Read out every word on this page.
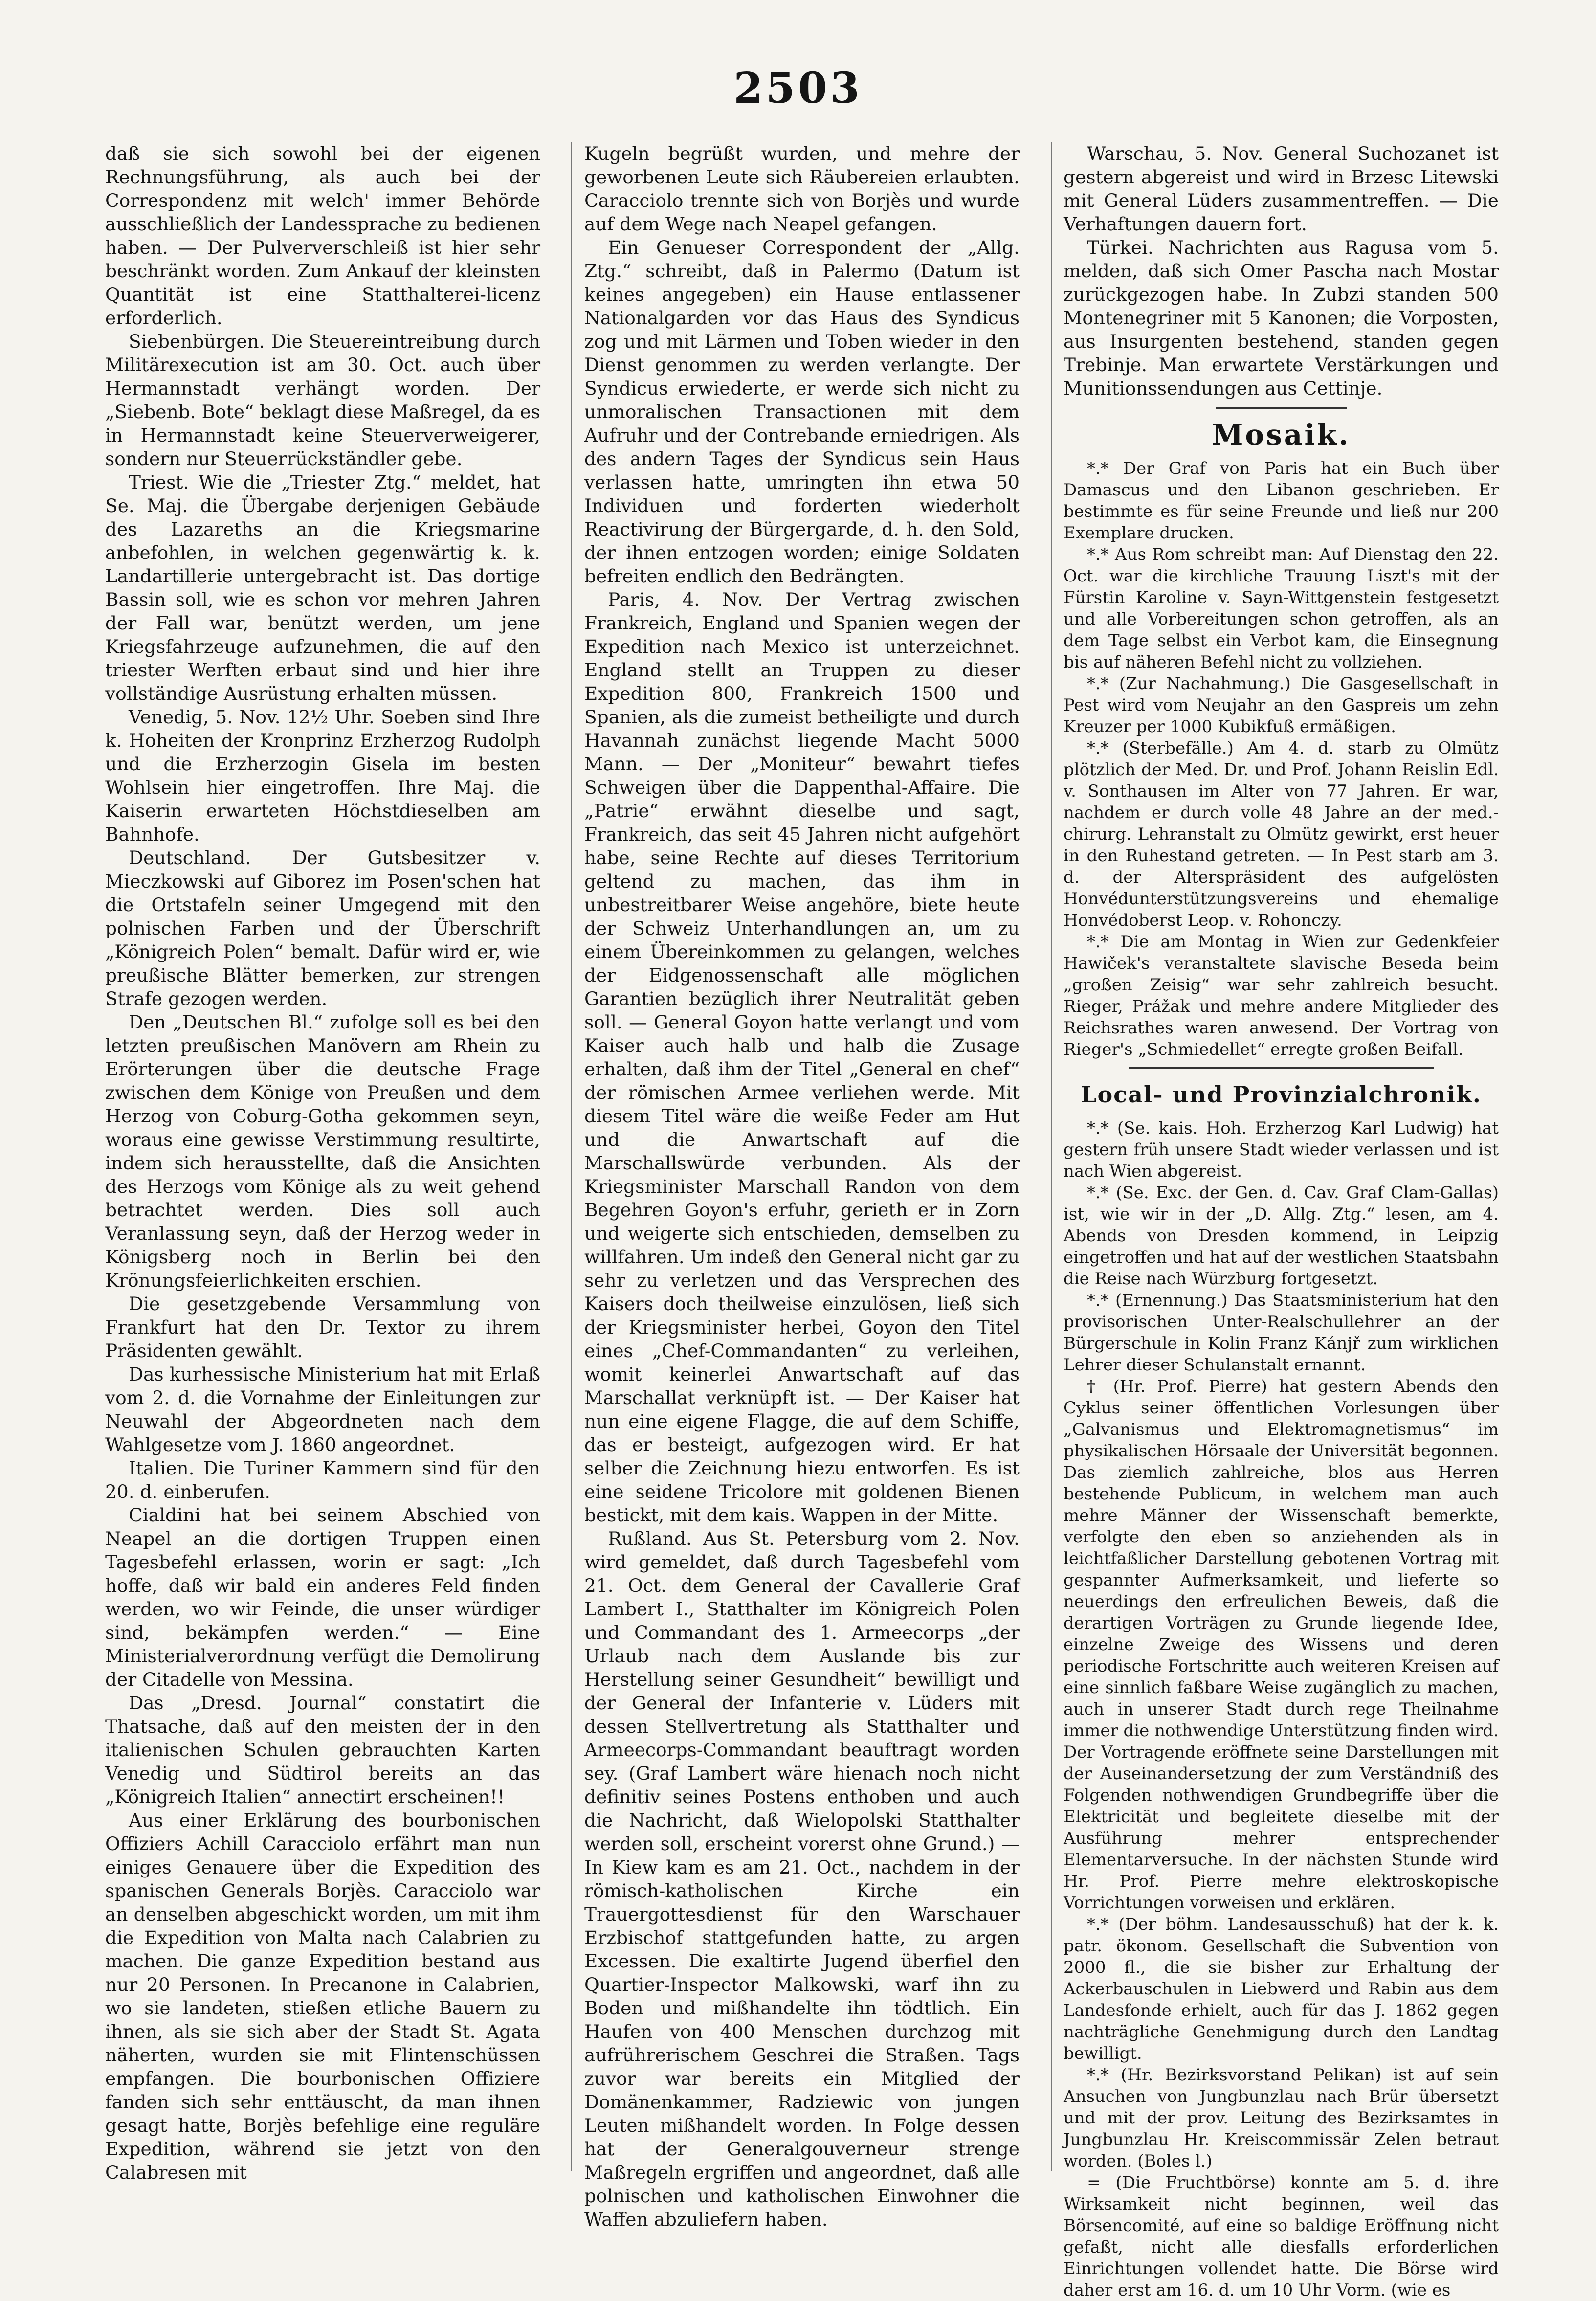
2503

daß sie sich sowohl bei der eigenen Rechnungsführung, als auch bei der Correspondenz mit welch' immer Behörde ausschließlich der Landessprache zu bedienen haben. — Der Pulververschleiß ist hier sehr beschränkt worden. Zum Ankauf der kleinsten Quantität ist eine Statthalterei-licenz erforderlich.

Siebenbürgen. Die Steuereintreibung durch Militärexecution ist am 30. Oct. auch über Hermannstadt verhängt worden. Der „Siebenb. Bote“ beklagt diese Maßregel, da es in Hermannstadt keine Steuerverweigerer, sondern nur Steuerrückständler gebe.

Triest. Wie die „Triester Ztg.“ meldet, hat Se. Maj. die Übergabe derjenigen Gebäude des Lazareths an die Kriegsmarine anbefohlen, in welchen gegenwärtig k. k. Landartillerie untergebracht ist. Das dortige Bassin soll, wie es schon vor mehren Jahren der Fall war, benützt werden, um jene Kriegsfahrzeuge aufzunehmen, die auf den triester Werften erbaut sind und hier ihre vollständige Ausrüstung erhalten müssen.

Venedig, 5. Nov. 12½ Uhr. Soeben sind Ihre k. Hoheiten der Kronprinz Erzherzog Rudolph und die Erzherzogin Gisela im besten Wohlsein hier eingetroffen. Ihre Maj. die Kaiserin erwarteten Höchstdieselben am Bahnhofe.

Deutschland. Der Gutsbesitzer v. Mieczkowski auf Giborez im Posen'schen hat die Ortstafeln seiner Umgegend mit den polnischen Farben und der Überschrift „Königreich Polen“ bemalt. Dafür wird er, wie preußische Blätter bemerken, zur strengen Strafe gezogen werden.

Den „Deutschen Bl.“ zufolge soll es bei den letzten preußischen Manövern am Rhein zu Erörterungen über die deutsche Frage zwischen dem Könige von Preußen und dem Herzog von Coburg-Gotha gekommen seyn, woraus eine gewisse Verstimmung resultirte, indem sich herausstellte, daß die Ansichten des Herzogs vom Könige als zu weit gehend betrachtet werden. Dies soll auch Veranlassung seyn, daß der Herzog weder in Königsberg noch in Berlin bei den Krönungsfeierlichkeiten erschien.

Die gesetzgebende Versammlung von Frankfurt hat den Dr. Textor zu ihrem Präsidenten gewählt.

Das kurhessische Ministerium hat mit Erlaß vom 2. d. die Vornahme der Einleitungen zur Neuwahl der Abgeordneten nach dem Wahlgesetze vom J. 1860 angeordnet.

Italien. Die Turiner Kammern sind für den 20. d. einberufen.

Cialdini hat bei seinem Abschied von Neapel an die dortigen Truppen einen Tagesbefehl erlassen, worin er sagt: „Ich hoffe, daß wir bald ein anderes Feld finden werden, wo wir Feinde, die unser würdiger sind, bekämpfen werden.“ — Eine Ministerialverordnung verfügt die Demolirung der Citadelle von Messina.

Das „Dresd. Journal“ constatirt die Thatsache, daß auf den meisten der in den italienischen Schulen gebrauchten Karten Venedig und Südtirol bereits an das „Königreich Italien“ annectirt erscheinen!!

Aus einer Erklärung des bourbonischen Offiziers Achill Caracciolo erfährt man nun einiges Genauere über die Expedition des spanischen Generals Borjès. Caracciolo war an denselben abgeschickt worden, um mit ihm die Expedition von Malta nach Calabrien zu machen. Die ganze Expedition bestand aus nur 20 Personen. In Precanone in Calabrien, wo sie landeten, stießen etliche Bauern zu ihnen, als sie sich aber der Stadt St. Agata näherten, wurden sie mit Flintenschüssen empfangen. Die bourbonischen Offiziere fanden sich sehr enttäuscht, da man ihnen gesagt hatte, Borjès befehlige eine reguläre Expedition, während sie jetzt von den Calabresen mit

Kugeln begrüßt wurden, und mehre der geworbenen Leute sich Räubereien erlaubten. Caracciolo trennte sich von Borjès und wurde auf dem Wege nach Neapel gefangen.

Ein Genueser Correspondent der „Allg. Ztg.“ schreibt, daß in Palermo (Datum ist keines angegeben) ein Hause entlassener Nationalgarden vor das Haus des Syndicus zog und mit Lärmen und Toben wieder in den Dienst genommen zu werden verlangte. Der Syndicus erwiederte, er werde sich nicht zu unmoralischen Transactionen mit dem Aufruhr und der Contrebande erniedrigen. Als des andern Tages der Syndicus sein Haus verlassen hatte, umringten ihn etwa 50 Individuen und forderten wiederholt Reactivirung der Bürgergarde, d. h. den Sold, der ihnen entzogen worden; einige Soldaten befreiten endlich den Bedrängten.

Paris, 4. Nov. Der Vertrag zwischen Frankreich, England und Spanien wegen der Expedition nach Mexico ist unterzeichnet. England stellt an Truppen zu dieser Expedition 800, Frankreich 1500 und Spanien, als die zumeist betheiligte und durch Havannah zunächst liegende Macht 5000 Mann. — Der „Moniteur“ bewahrt tiefes Schweigen über die Dappenthal-Affaire. Die „Patrie“ erwähnt dieselbe und sagt, Frankreich, das seit 45 Jahren nicht aufgehört habe, seine Rechte auf dieses Territorium geltend zu machen, das ihm in unbestreitbarer Weise angehöre, biete heute der Schweiz Unterhandlungen an, um zu einem Übereinkommen zu gelangen, welches der Eidgenossenschaft alle möglichen Garantien bezüglich ihrer Neutralität geben soll. — General Goyon hatte verlangt und vom Kaiser auch halb und halb die Zusage erhalten, daß ihm der Titel „General en chef“ der römischen Armee verliehen werde. Mit diesem Titel wäre die weiße Feder am Hut und die Anwartschaft auf die Marschallswürde verbunden. Als der Kriegsminister Marschall Randon von dem Begehren Goyon's erfuhr, gerieth er in Zorn und weigerte sich entschieden, demselben zu willfahren. Um indeß den General nicht gar zu sehr zu verletzen und das Versprechen des Kaisers doch theilweise einzulösen, ließ sich der Kriegsminister herbei, Goyon den Titel eines „Chef-Commandanten“ zu verleihen, womit keinerlei Anwartschaft auf das Marschallat verknüpft ist. — Der Kaiser hat nun eine eigene Flagge, die auf dem Schiffe, das er besteigt, aufgezogen wird. Er hat selber die Zeichnung hiezu entworfen. Es ist eine seidene Tricolore mit goldenen Bienen bestickt, mit dem kais. Wappen in der Mitte.

Rußland. Aus St. Petersburg vom 2. Nov. wird gemeldet, daß durch Tagesbefehl vom 21. Oct. dem General der Cavallerie Graf Lambert I., Statthalter im Königreich Polen und Commandant des 1. Armeecorps „der Urlaub nach dem Auslande bis zur Herstellung seiner Gesundheit“ bewilligt und der General der Infanterie v. Lüders mit dessen Stellvertretung als Statthalter und Armeecorps-Commandant beauftragt worden sey. (Graf Lambert wäre hienach noch nicht definitiv seines Postens enthoben und auch die Nachricht, daß Wielopolski Statthalter werden soll, erscheint vorerst ohne Grund.) — In Kiew kam es am 21. Oct., nachdem in der römisch-katholischen Kirche ein Trauergottesdienst für den Warschauer Erzbischof stattgefunden hatte, zu argen Excessen. Die exaltirte Jugend überfiel den Quartier-Inspector Malkowski, warf ihn zu Boden und mißhandelte ihn tödtlich. Ein Haufen von 400 Menschen durchzog mit aufrührerischem Geschrei die Straßen. Tags zuvor war bereits ein Mitglied der Domänenkammer, Radziewic von jungen Leuten mißhandelt worden. In Folge dessen hat der Generalgouverneur strenge Maßregeln ergriffen und angeordnet, daß alle polnischen und katholischen Einwohner die Waffen abzuliefern haben.

Warschau, 5. Nov. General Suchozanet ist gestern abgereist und wird in Brzesc Litewski mit General Lüders zusammentreffen. — Die Verhaftungen dauern fort.

Türkei. Nachrichten aus Ragusa vom 5. melden, daß sich Omer Pascha nach Mostar zurückgezogen habe. In Zubzi standen 500 Montenegriner mit 5 Kanonen; die Vorposten, aus Insurgenten bestehend, standen gegen Trebinje. Man erwartete Verstärkungen und Munitionssendungen aus Cettinje.

Mosaik.

*.* Der Graf von Paris hat ein Buch über Damascus und den Libanon geschrieben. Er bestimmte es für seine Freunde und ließ nur 200 Exemplare drucken.

*.* Aus Rom schreibt man: Auf Dienstag den 22. Oct. war die kirchliche Trauung Liszt's mit der Fürstin Karoline v. Sayn-Wittgenstein festgesetzt und alle Vorbereitungen schon getroffen, als an dem Tage selbst ein Verbot kam, die Einsegnung bis auf näheren Befehl nicht zu vollziehen.

*.* (Zur Nachahmung.) Die Gasgesellschaft in Pest wird vom Neujahr an den Gaspreis um zehn Kreuzer per 1000 Kubikfuß ermäßigen.

*.* (Sterbefälle.) Am 4. d. starb zu Olmütz plötzlich der Med. Dr. und Prof. Johann Reislin Edl. v. Sonthausen im Alter von 77 Jahren. Er war, nachdem er durch volle 48 Jahre an der med.-chirurg. Lehranstalt zu Olmütz gewirkt, erst heuer in den Ruhestand getreten. — In Pest starb am 3. d. der Alterspräsident des aufgelösten Honvédunterstützungsvereins und ehemalige Honvédoberst Leop. v. Rohonczy.

*.* Die am Montag in Wien zur Gedenkfeier Hawiček's veranstaltete slavische Beseda beim „großen Zeisig“ war sehr zahlreich besucht. Rieger, Prážak und mehre andere Mitglieder des Reichsrathes waren anwesend. Der Vortrag von Rieger's „Schmiedellet“ erregte großen Beifall.

Local- und Provinzialchronik.

*.* (Se. kais. Hoh. Erzherzog Karl Ludwig) hat gestern früh unsere Stadt wieder verlassen und ist nach Wien abgereist.

*.* (Se. Exc. der Gen. d. Cav. Graf Clam-Gallas) ist, wie wir in der „D. Allg. Ztg.“ lesen, am 4. Abends von Dresden kommend, in Leipzig eingetroffen und hat auf der westlichen Staatsbahn die Reise nach Würzburg fortgesetzt.

*.* (Ernennung.) Das Staatsministerium hat den provisorischen Unter-Realschullehrer an der Bürgerschule in Kolin Franz Kánjř zum wirklichen Lehrer dieser Schulanstalt ernannt.

† (Hr. Prof. Pierre) hat gestern Abends den Cyklus seiner öffentlichen Vorlesungen über „Galvanismus und Elektromagnetismus“ im physikalischen Hörsaale der Universität begonnen. Das ziemlich zahlreiche, blos aus Herren bestehende Publicum, in welchem man auch mehre Männer der Wissenschaft bemerkte, verfolgte den eben so anziehenden als in leichtfaßlicher Darstellung gebotenen Vortrag mit gespannter Aufmerksamkeit, und lieferte so neuerdings den erfreulichen Beweis, daß die derartigen Vorträgen zu Grunde liegende Idee, einzelne Zweige des Wissens und deren periodische Fortschritte auch weiteren Kreisen auf eine sinnlich faßbare Weise zugänglich zu machen, auch in unserer Stadt durch rege Theilnahme immer die nothwendige Unterstützung finden wird. Der Vortragende eröffnete seine Darstellungen mit der Auseinandersetzung der zum Verständniß des Folgenden nothwendigen Grundbegriffe über die Elektricität und begleitete dieselbe mit der Ausführung mehrer entsprechender Elementarversuche. In der nächsten Stunde wird Hr. Prof. Pierre mehre elektroskopische Vorrichtungen vorweisen und erklären.

*.* (Der böhm. Landesausschuß) hat der k. k. patr. ökonom. Gesellschaft die Subvention von 2000 fl., die sie bisher zur Erhaltung der Ackerbauschulen in Liebwerd und Rabin aus dem Landesfonde erhielt, auch für das J. 1862 gegen nachträgliche Genehmigung durch den Landtag bewilligt.

*.* (Hr. Bezirksvorstand Pelikan) ist auf sein Ansuchen von Jungbunzlau nach Brür übersetzt und mit der prov. Leitung des Bezirksamtes in Jungbunzlau Hr. Kreiscommissär Zelen betraut worden. (Boles l.)

= (Die Fruchtbörse) konnte am 5. d. ihre Wirksamkeit nicht beginnen, weil das Börsencomité, auf eine so baldige Eröffnung nicht gefaßt, nicht alle diesfalls erforderlichen Einrichtungen vollendet hatte. Die Börse wird daher erst am 16. d. um 10 Uhr Vorm. (wie es
